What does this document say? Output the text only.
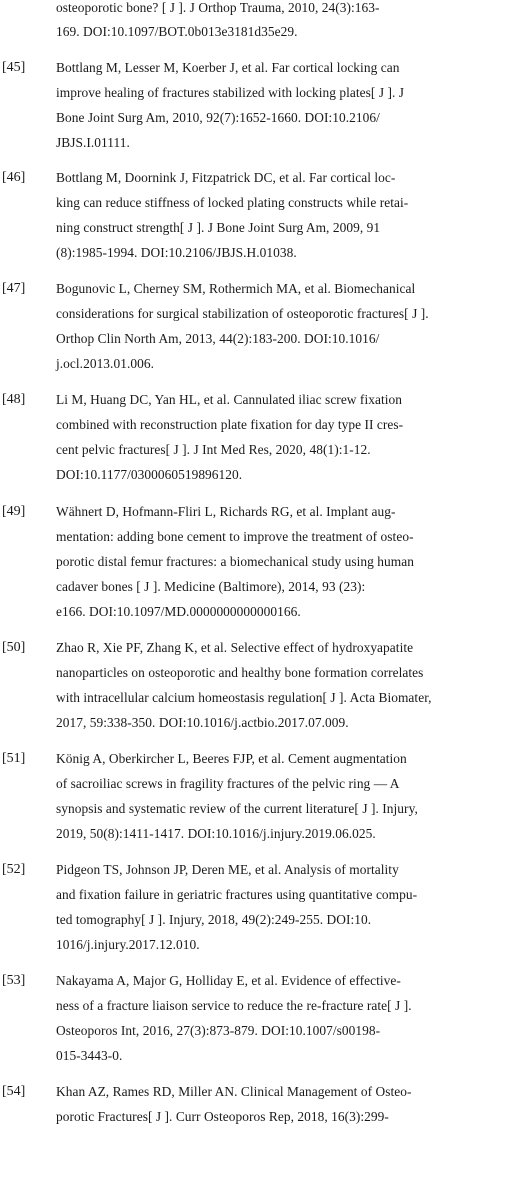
osteoporotic bone? [ J ]. J Orthop Trauma, 2010, 24(3):163-
169. DOI:10.1097/BOT.0b013e3181d35e29.
[45] Bottlang M, Lesser M, Koerber J, et al. Far cortical locking can
improve healing of fractures stabilized with locking plates[ J ]. J
Bone Joint Surg Am, 2010, 92(7):1652-1660. DOI:10.2106/
JBJS.I.01111.
[46] Bottlang M, Doornink J, Fitzpatrick DC, et al. Far cortical loc-
king can reduce stiffness of locked plating constructs while retai-
ning construct strength[ J ]. J Bone Joint Surg Am, 2009, 91
(8):1985-1994. DOI:10.2106/JBJS.H.01038.
[47] Bogunovic L, Cherney SM, Rothermich MA, et al. Biomechanical
considerations for surgical stabilization of osteoporotic fractures[ J ].
Orthop Clin North Am, 2013, 44(2):183-200. DOI:10.1016/
j.ocl.2013.01.006.
[48] Li M, Huang DC, Yan HL, et al. Cannulated iliac screw fixation
combined with reconstruction plate fixation for day type II cres-
cent pelvic fractures[ J ]. J Int Med Res, 2020, 48(1):1-12.
DOI:10.1177/0300060519896120.
[49] Wähnert D, Hofmann-Fliri L, Richards RG, et al. Implant aug-
mentation: adding bone cement to improve the treatment of osteo-
porotic distal femur fractures: a biomechanical study using human
cadaver bones [ J ]. Medicine (Baltimore), 2014, 93 (23):
e166. DOI:10.1097/MD.0000000000000166.
[50] Zhao R, Xie PF, Zhang K, et al. Selective effect of hydroxyapatite
nanoparticles on osteoporotic and healthy bone formation correlates
with intracellular calcium homeostasis regulation[ J ]. Acta Biomater,
2017, 59:338-350. DOI:10.1016/j.actbio.2017.07.009.
[51] König A, Oberkircher L, Beeres FJP, et al. Cement augmentation
of sacroiliac screws in fragility fractures of the pelvic ring — A
synopsis and systematic review of the current literature[ J ]. Injury,
2019, 50(8):1411-1417. DOI:10.1016/j.injury.2019.06.025.
[52] Pidgeon TS, Johnson JP, Deren ME, et al. Analysis of mortality
and fixation failure in geriatric fractures using quantitative compu-
ted tomography[ J ]. Injury, 2018, 49(2):249-255. DOI:10.
1016/j.injury.2017.12.010.
[53] Nakayama A, Major G, Holliday E, et al. Evidence of effective-
ness of a fracture liaison service to reduce the re-fracture rate[ J ].
Osteoporos Int, 2016, 27(3):873-879. DOI:10.1007/s00198-
015-3443-0.
[54] Khan AZ, Rames RD, Miller AN. Clinical Management of Osteo-
porotic Fractures[ J ]. Curr Osteoporos Rep, 2018, 16(3):299-
